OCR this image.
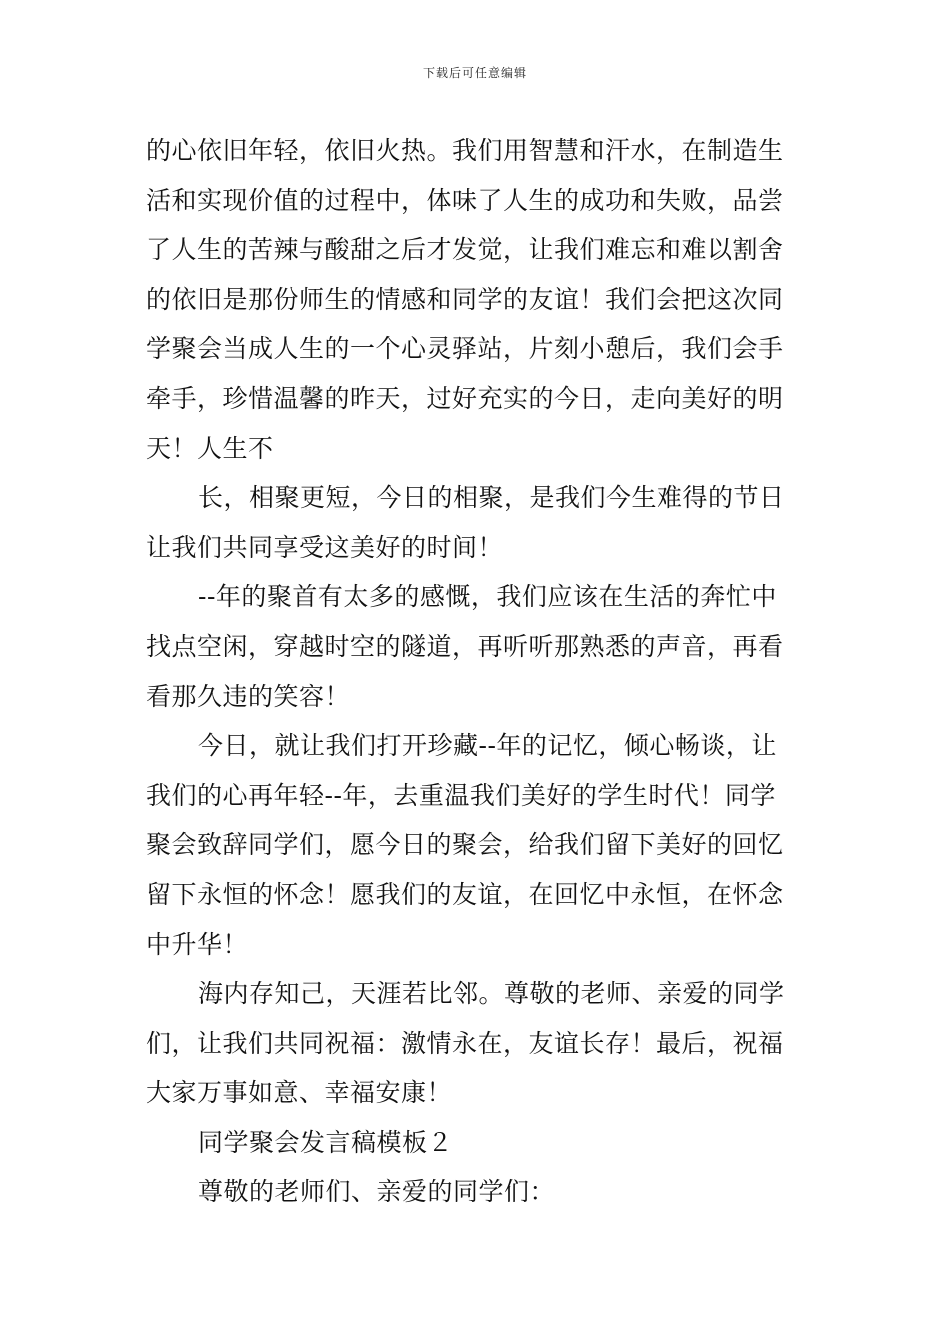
下载后可任意编辑
的心依旧年轻，依旧火热。我们用智慧和汗水，在制造生
活和实现价值的过程中，体味了人生的成功和失败，品尝
了人生的苦辣与酸甜之后才发觉，让我们难忘和难以割舍
的依旧是那份师生的情感和同学的友谊！我们会把这次同
学聚会当成人生的一个心灵驿站，片刻小憩后，我们会手
牵手，珍惜温馨的昨天，过好充实的今日，走向美好的明
天！人生不
长，相聚更短，今日的相聚，是我们今生难得的节日
让我们共同享受这美好的时间！
--年的聚首有太多的感慨，我们应该在生活的奔忙中
找点空闲，穿越时空的隧道，再听听那熟悉的声音，再看
看那久违的笑容！
今日，就让我们打开珍藏--年的记忆，倾心畅谈，让
我们的心再年轻--年，去重温我们美好的学生时代！同学
聚会致辞同学们，愿今日的聚会，给我们留下美好的回忆
留下永恒的怀念！愿我们的友谊，在回忆中永恒，在怀念
中升华！
海内存知己，天涯若比邻。尊敬的老师、亲爱的同学
们，让我们共同祝福：激情永在，友谊长存！最后，祝福
大家万事如意、幸福安康！
同学聚会发言稿模板２
尊敬的老师们、亲爱的同学们：
